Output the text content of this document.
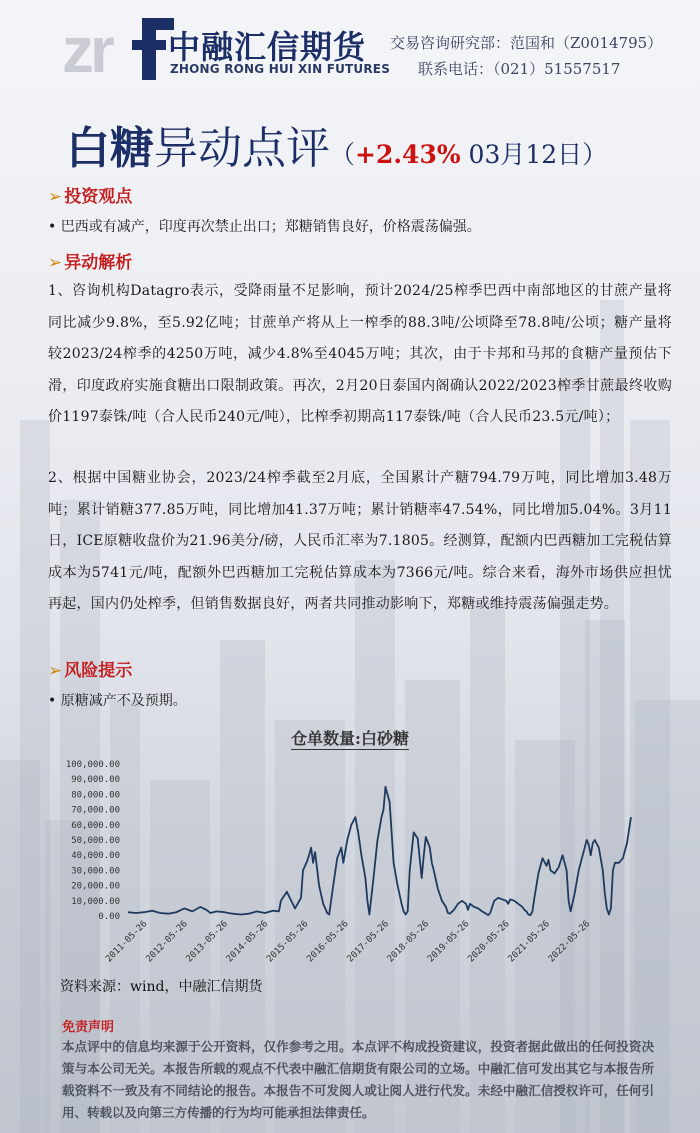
zr 中融汇信期货
ZHONG RONG HUI XIN FUTURES
交易咨询研究部：范国和（Z0014795）
联系电话：（021）51557517
白糖异动点评（+2.43% 03月12日）
➢ 投资观点
• 巴西或有减产，印度再次禁止出口；郑糖销售良好，价格震荡偏强。
➢ 异动解析
1、咨询机构Datagro表示，受降雨量不足影响，预计2024/25榨季巴西中南部地区的甘蔗产量将同比减少9.8%，至5.92亿吨；甘蔗单产将从上一榨季的88.3吨/公顷降至78.8吨/公顷；糖产量将较2023/24榨季的4250万吨，减少4.8%至4045万吨；其次，由于卡邦和马邦的食糖产量预估下滑，印度政府实施食糖出口限制政策。再次，2月20日泰国内阁确认2022/2023榨季甘蔗最终收购价1197泰铢/吨（合人民币240元/吨），比榨季初期高117泰铢/吨（合人民币23.5元/吨）；
2、根据中国糖业协会，2023/24榨季截至2月底，全国累计产糖794.79万吨，同比增加3.48万吨；累计销糖377.85万吨，同比增加41.37万吨；累计销糖率47.54%，同比增加5.04%。3月11日，ICE原糖收盘价为21.96美分/磅，人民币汇率为7.1805。经测算，配额内巴西糖加工完税估算成本为5741元/吨，配额外巴西糖加工完税估算成本为7366元/吨。综合来看，海外市场供应担忧再起，国内仍处榨季，但销售数据良好，两者共同推动影响下，郑糖或维持震荡偏强走势。
➢ 风险提示
• 原糖减产不及预期。
仓单数量:白砂糖
100,000.00
90,000.00
80,000.00
70,000.00
60,000.00
50,000.00
40,000.00
30,000.00
20,000.00
10,000.00
0.00
2011-05-26
2012-05-26
2013-05-26
2014-05-26
2015-05-26
2016-05-26
2017-05-26
2018-05-26
2019-05-26
2020-05-26
2021-05-26
2022-05-26
资料来源：wind，中融汇信期货
免责声明
本点评中的信息均来源于公开资料，仅作参考之用。本点评不构成投资建议，投资者据此做出的任何投资决策与本公司无关。本报告所载的观点不代表中融汇信期货有限公司的立场。中融汇信可发出其它与本报告所载资料不一致及有不同结论的报告。本报告不可发阅人或让阅人进行代发。未经中融汇信授权许可，任何引用、转载以及向第三方传播的行为均可能承担法律责任。
